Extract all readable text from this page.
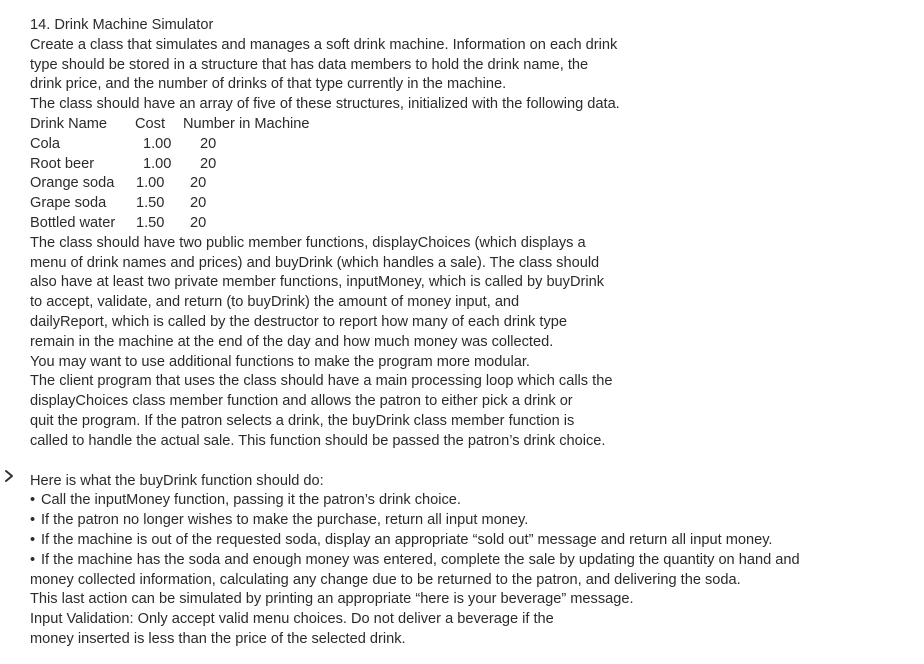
14. Drink Machine Simulator
Create a class that simulates and manages a soft drink machine. Information on each drink
type should be stored in a structure that has data members to hold the drink name, the
drink price, and the number of drinks of that type currently in the machine.
The class should have an array of five of these structures, initialized with the following data.
Drink Name Cost Number in Machine
Cola	1.00 20
Root beer	1.00 20
Orange soda 1.00 20
Grape soda 1.50 20
Bottled water 1.50 20
The class should have two public member functions, displayChoices (which displays a
menu of drink names and prices) and buyDrink (which handles a sale). The class should
also have at least two private member functions, inputMoney, which is called by buyDrink
to accept, validate, and return (to buyDrink) the amount of money input, and
dailyReport, which is called by the destructor to report how many of each drink type
remain in the machine at the end of the day and how much money was collected.
You may want to use additional functions to make the program more modular.
The client program that uses the class should have a main processing loop which calls the
displayChoices class member function and allows the patron to either pick a drink or
quit the program. If the patron selects a drink, the buyDrink class member function is
called to handle the actual sale. This function should be passed the patron’s drink choice.
Here is what the buyDrink function should do:
• Call the inputMoney function, passing it the patron’s drink choice.
• If the patron no longer wishes to make the purchase, return all input money.
• If the machine is out of the requested soda, display an appropriate “sold out” message and return all input money.
• If the machine has the soda and enough money was entered, complete the sale by updating the quantity on hand and
money collected information, calculating any change due to be returned to the patron, and delivering the soda.
This last action can be simulated by printing an appropriate “here is your beverage” message.
Input Validation: Only accept valid menu choices. Do not deliver a beverage if the
money inserted is less than the price of the selected drink.
